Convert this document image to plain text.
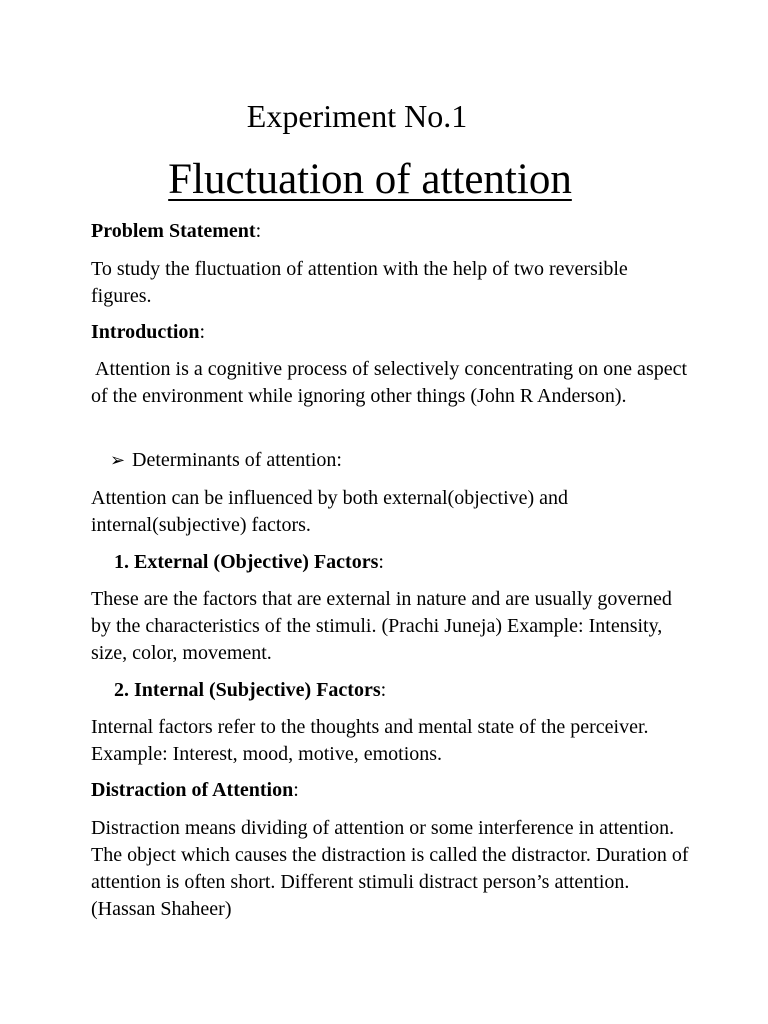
Experiment No.1
Fluctuation of attention

Problem Statement:

To study the fluctuation of attention with the help of two reversible figures.

Introduction:

Attention is a cognitive process of selectively concentrating on one aspect of the environment while ignoring other things (John R Anderson).

➢ Determinants of attention:

Attention can be influenced by both external(objective) and internal(subjective) factors.

1. External (Objective) Factors:

These are the factors that are external in nature and are usually governed by the characteristics of the stimuli. (Prachi Juneja) Example: Intensity, size, color, movement.

2. Internal (Subjective) Factors:

Internal factors refer to the thoughts and mental state of the perceiver. Example: Interest, mood, motive, emotions.

Distraction of Attention:

Distraction means dividing of attention or some interference in attention. The object which causes the distraction is called the distractor. Duration of attention is often short. Different stimuli distract person’s attention. (Hassan Shaheer)
